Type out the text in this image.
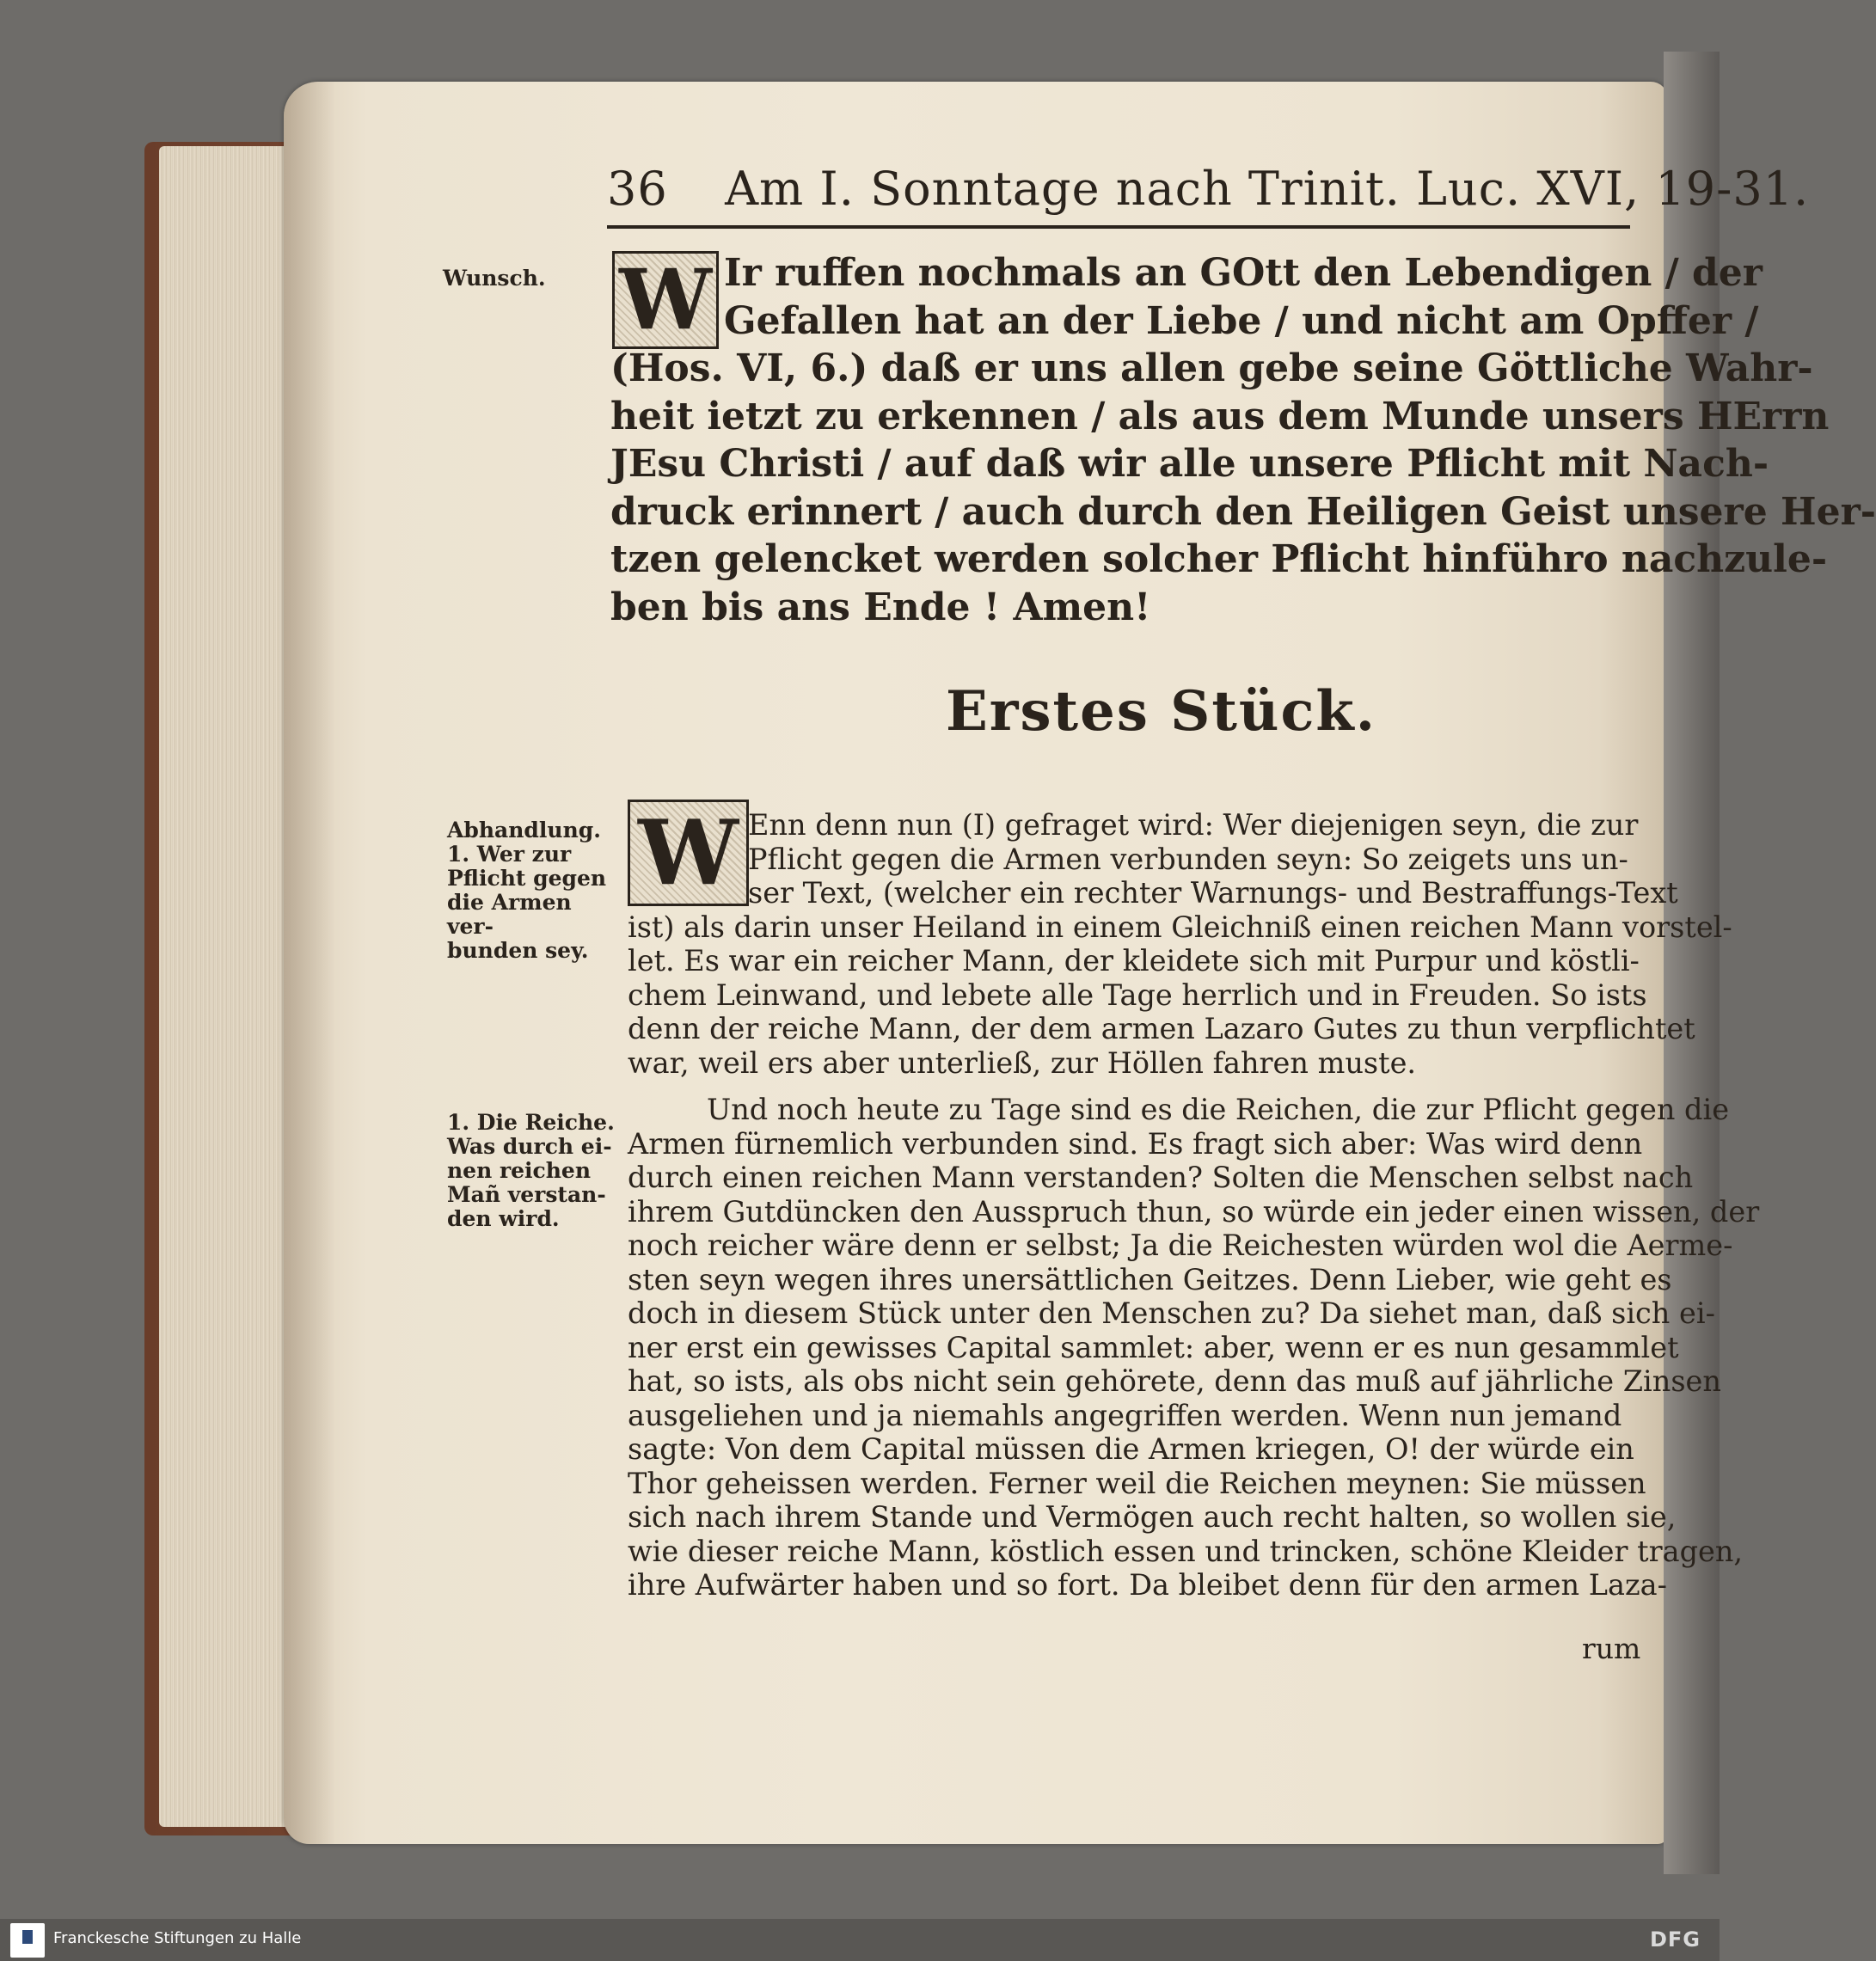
36 Am I. Sonntage nach Trinit. Luc. XVI, 19-31.
Wunsch. W Ir ruffen nochmals an GOtt den Lebendigen / der
Gefallen hat an der Liebe / und nicht am Opffer /
(Hos. VI, 6.) daß er uns allen gebe seine Göttliche Wahr-
heit ietzt zu erkennen / als aus dem Munde unsers HErrn
JEsu Christi / auf daß wir alle unsere Pflicht mit Nach-
druck erinnert / auch durch den Heiligen Geist unsere Her-
tzen gelencket werden solcher Pflicht hinführo nachzule-
ben bis ans Ende ! Amen!
Erstes Stück.
Abhandlung.
1. Wer zur
Pflicht gegen
die Armen ver-
bunden sey.
W Enn denn nun (I) gefraget wird: Wer diejenigen seyn, die zur
Pflicht gegen die Armen verbunden seyn: So zeigets uns un-
ser Text, (welcher ein rechter Warnungs- und Bestraffungs-Text
ist) als darin unser Heiland in einem Gleichniß einen reichen Mann vorstel-
let. Es war ein reicher Mann, der kleidete sich mit Purpur und köstli-
chem Leinwand, und lebete alle Tage herrlich und in Freuden. So ists
denn der reiche Mann, der dem armen Lazaro Gutes zu thun verpflichtet
war, weil ers aber unterließ, zur Höllen fahren muste.
1. Die Reiche.
Was durch ei-
nen reichen
Mañ verstan-
den wird.
Und noch heute zu Tage sind es die Reichen, die zur Pflicht gegen die
Armen fürnemlich verbunden sind. Es fragt sich aber: Was wird denn
durch einen reichen Mann verstanden? Solten die Menschen selbst nach
ihrem Gutdüncken den Ausspruch thun, so würde ein jeder einen wissen, der
noch reicher wäre denn er selbst; Ja die Reichesten würden wol die Aerme-
sten seyn wegen ihres unersättlichen Geitzes. Denn Lieber, wie geht es
doch in diesem Stück unter den Menschen zu? Da siehet man, daß sich ei-
ner erst ein gewisses Capital sammlet: aber, wenn er es nun gesammlet
hat, so ists, als obs nicht sein gehörete, denn das muß auf jährliche Zinsen
ausgeliehen und ja niemahls angegriffen werden. Wenn nun jemand
sagte: Von dem Capital müssen die Armen kriegen, O! der würde ein
Thor geheissen werden. Ferner weil die Reichen meynen: Sie müssen
sich nach ihrem Stande und Vermögen auch recht halten, so wollen sie,
wie dieser reiche Mann, köstlich essen und trincken, schöne Kleider tragen,
ihre Aufwärter haben und so fort. Da bleibet denn für den armen Laza-
rum
Franckesche Stiftungen zu Halle	DFG
